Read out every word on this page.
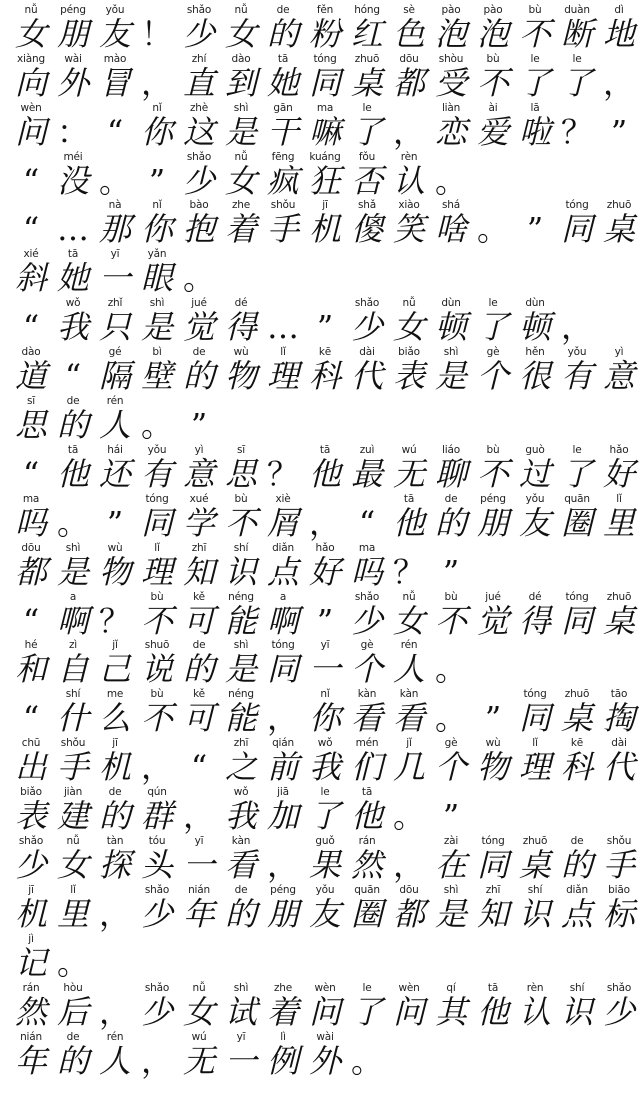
nǚ
女
péng
朋
yǒu
友 ！
shǎo
少
nǚ
女
de
的
fěn
粉
hóng
红
sè
色
pào
泡
pào
泡
bù
不
duàn
断
dì
地
xiàng
向
wài
外
mào
冒 ，
zhí
直
dào
到
tā
她
tóng
同
zhuō
桌
dōu
都
shòu
受
bù
不
le
了
le
了 ，
wèn
问 ： “
nǐ
你
zhè
这
shì
是
gān
干
ma
嘛
le
了 ，
liàn
恋
ài
爱
lā
啦 ？ ”
“
méi
没 。 ”
shǎo
少
nǚ
女
fēng
疯
kuáng
狂
fǒu
否
rèn
认 。
“ …
nà
那
nǐ
你
bào
抱
zhe
着
shǒu
手
jī
机
shǎ
傻
xiào
笑
shá
啥 。 ”
tóng
同
zhuō
桌
xié
斜
tā
她
yī
一
yǎn
眼 。
“
wǒ
我
zhǐ
只
shì
是
jué
觉
dé
得 … ”
shǎo
少
nǚ
女
dùn
顿
le
了
dùn
顿 ，
dào
道 “
gé
隔
bì
壁
de
的
wù
物
lǐ
理
kē
科
dài
代
biǎo
表
shì
是
gè
个
hěn
很
yǒu
有
yì
意
sī
思
de
的
rén
人 。 ”
“
tā
他
hái
还
yǒu
有
yì
意
sī
思 ？
tā
他
zuì
最
wú
无
liáo
聊
bù
不
guò
过
le
了
hǎo
好
ma
吗 。 ”
tóng
同
xué
学
bù
不
xiè
屑 ， “
tā
他
de
的
péng
朋
yǒu
友
quān
圈
lǐ
里
dōu
都
shì
是
wù
物
lǐ
理
zhī
知
shí
识
diǎn
点
hǎo
好
ma
吗 ？ ”
“
a
啊 ？
bù
不
kě
可
néng
能
a
啊 ”
shǎo
少
nǚ
女
bù
不
jué
觉
dé
得
tóng
同
zhuō
桌
hé
和
zì
自
jǐ
己
shuō
说
de
的
shì
是
tóng
同
yī
一
gè
个
rén
人 。
“
shí
什
me
么
bù
不
kě
可
néng
能 ，
nǐ
你
kàn
看
kàn
看 。 ”
tóng
同
zhuō
桌
tāo
掏
chū
出
shǒu
手
jī
机 ， “
zhī
之
qián
前
wǒ
我
mén
们
jǐ
几
gè
个
wù
物
lǐ
理
kē
科
dài
代
biǎo
表
jiàn
建
de
的
qún
群 ，
wǒ
我
jiā
加
le
了
tā
他 。 ”
shǎo
少
nǚ
女
tàn
探
tóu
头
yī
一
kàn
看 ，
guǒ
果
rán
然 ，
zài
在
tóng
同
zhuō
桌
de
的
shǒu
手
jī
机
lǐ
里 ，
shǎo
少
nián
年
de
的
péng
朋
yǒu
友
quān
圈
dōu
都
shì
是
zhī
知
shí
识
diǎn
点
biāo
标
jì
记 。
rán
然
hòu
后 ，
shǎo
少
nǚ
女
shì
试
zhe
着
wèn
问
le
了
wèn
问
qí
其
tā
他
rèn
认
shí
识
shǎo
少
nián
年
de
的
rén
人 ，
wú
无
yī
一
lì
例
wài
外 。
